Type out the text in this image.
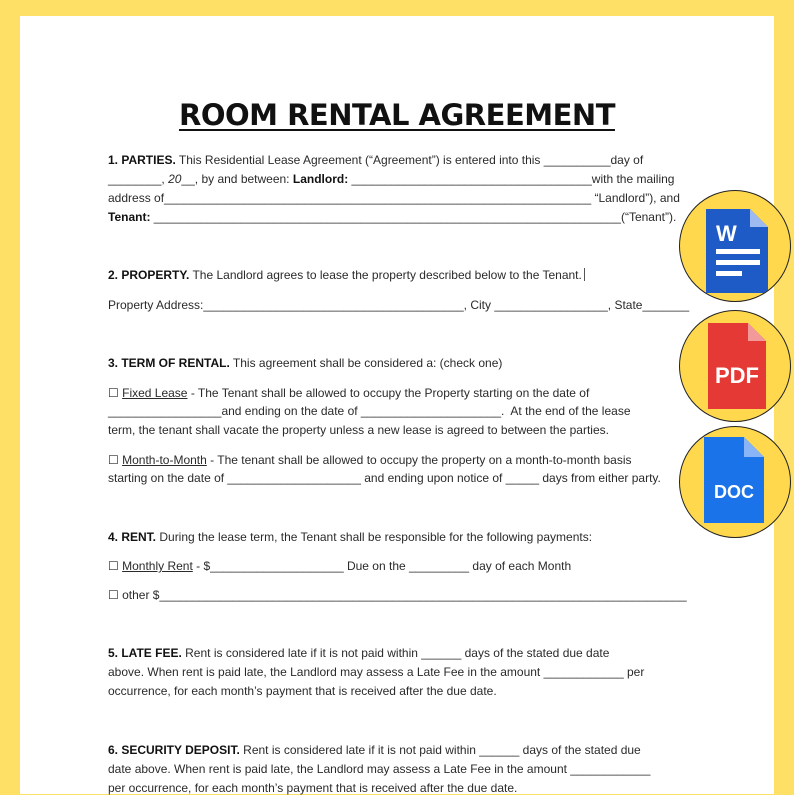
ROOM RENTAL AGREEMENT
1. PARTIES. This Residential Lease Agreement (“Agreement”) is entered into this __________day of
________, 20__, by and between: Landlord: ____________________________________with the mailing
address of________________________________________________________________ “Landlord”), and
Tenant: ______________________________________________________________________(“Tenant”).
2. PROPERTY. The Landlord agrees to lease the property described below to the Tenant.
Property Address:_______________________________________, City _________________, State_______
3. TERM OF RENTAL. This agreement shall be considered a: (check one)
☐ Fixed Lease - The Tenant shall be allowed to occupy the Property starting on the date of
_________________and ending on the date of _____________________.  At the end of the lease
term, the tenant shall vacate the property unless a new lease is agreed to between the parties.
☐ Month-to-Month - The tenant shall be allowed to occupy the property on a month-to-month basis
starting on the date of ____________________ and ending upon notice of _____ days from either party.
4. RENT. During the lease term, the Tenant shall be responsible for the following payments:
☐ Monthly Rent - $____________________ Due on the _________ day of each Month
☐ other $_______________________________________________________________________________
5. LATE FEE. Rent is considered late if it is not paid within ______ days of the stated due date
above. When rent is paid late, the Landlord may assess a Late Fee in the amount ____________ per
occurrence, for each month’s payment that is received after the due date.
6. SECURITY DEPOSIT. Rent is considered late if it is not paid within ______ days of the stated due
date above. When rent is paid late, the Landlord may assess a Late Fee in the amount ____________
per occurrence, for each month’s payment that is received after the due date.
W
PDF
DOC
